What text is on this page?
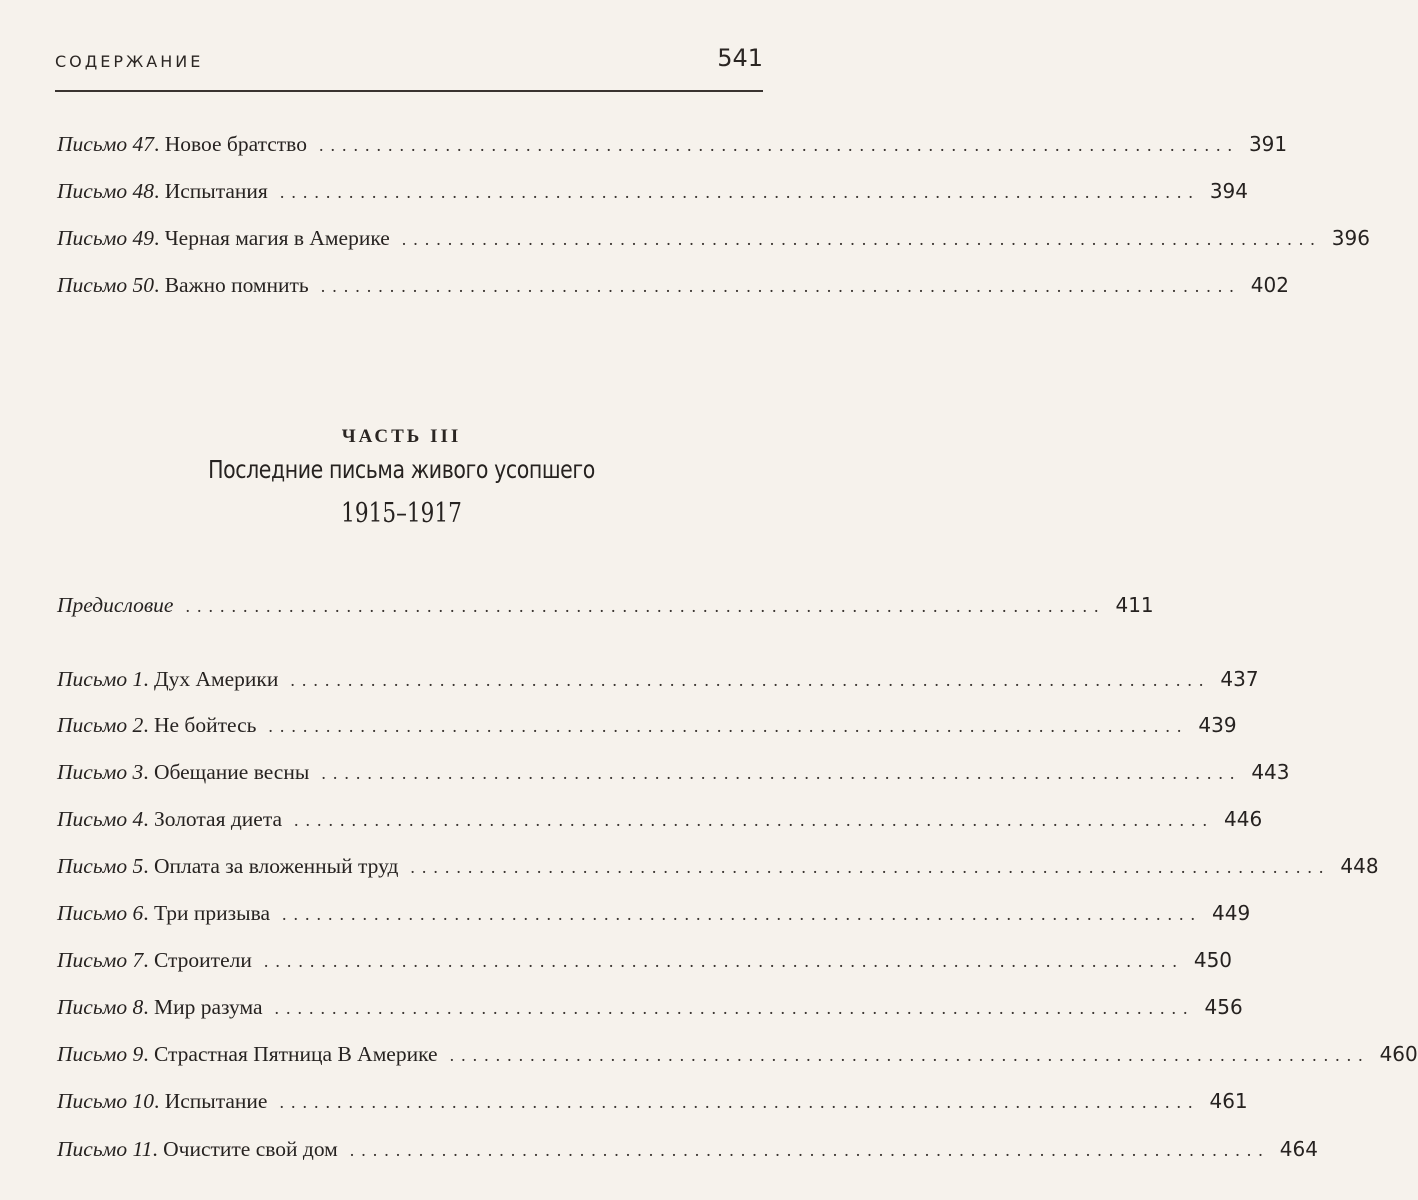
СОДЕРЖАНИЕ	541
Письмо 47. Новое братство ................................................................................ 391
Письмо 48. Испытания ................................................................................ 394
Письмо 49. Черная магия в Америке ................................................................................ 396
Письмо 50. Важно помнить ................................................................................ 402
ЧАСТЬ III
Последние письма живого усопшего
1915–1917
Предисловие ................................................................................ 411
Письмо 1. Дух Америки ................................................................................ 437
Письмо 2. Не бойтесь ................................................................................ 439
Письмо 3. Обещание весны ................................................................................ 443
Письмо 4. Золотая диета ................................................................................ 446
Письмо 5. Оплата за вложенный труд ................................................................................ 448
Письмо 6. Три призыва ................................................................................ 449
Письмо 7. Строители ................................................................................ 450
Письмо 8. Мир разума ................................................................................ 456
Письмо 9. Страстная Пятница В Америке ................................................................................ 460
Письмо 10. Испытание ................................................................................ 461
Письмо 11. Очистите свой дом ................................................................................ 464
